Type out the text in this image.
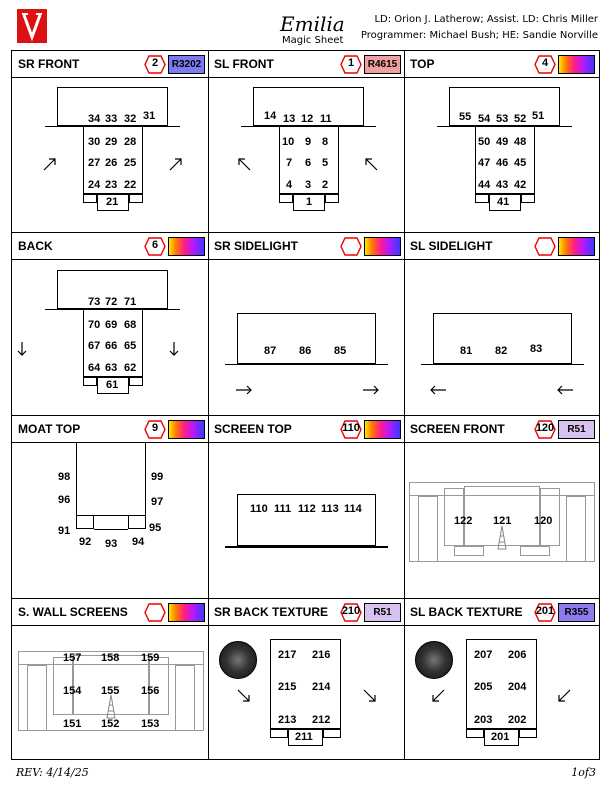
Emilia
Magic Sheet
LD: Orion J. Latherow; Assist. LD: Chris Miller
Programmer: Michael Bush; HE: Sandie Norville
SR FRONT	2	R3202
34 33 32 31
30 29 28
27 26 25
24 23 22
21
SL FRONT	1	R4615
14 13 12 11
10 9 8
7 6 5
4 3 2
1
TOP	4
55 54 53 52 51
50 49 48
47 46 45
44 43 42
41
BACK	6
73 72 71
70 69 68
67 66 65
64 63 62
61
SR SIDELIGHT
87 86 85
SL SIDELIGHT
81 82 83
MOAT TOP	9
98
96
91
99
97
95
92 93 94
SCREEN TOP	110
110 111 112 113 114
SCREEN FRONT	120	R51
122 121 120
S. WALL SCREENS
157 158 159
154 155 156
151 152 153
SR BACK TEXTURE 210	R51
217 216
215 214
213 212
211
SL BACK TEXTURE 201	R355
207 206
205 204
203 202
201
REV: 4/14/25	1of3
